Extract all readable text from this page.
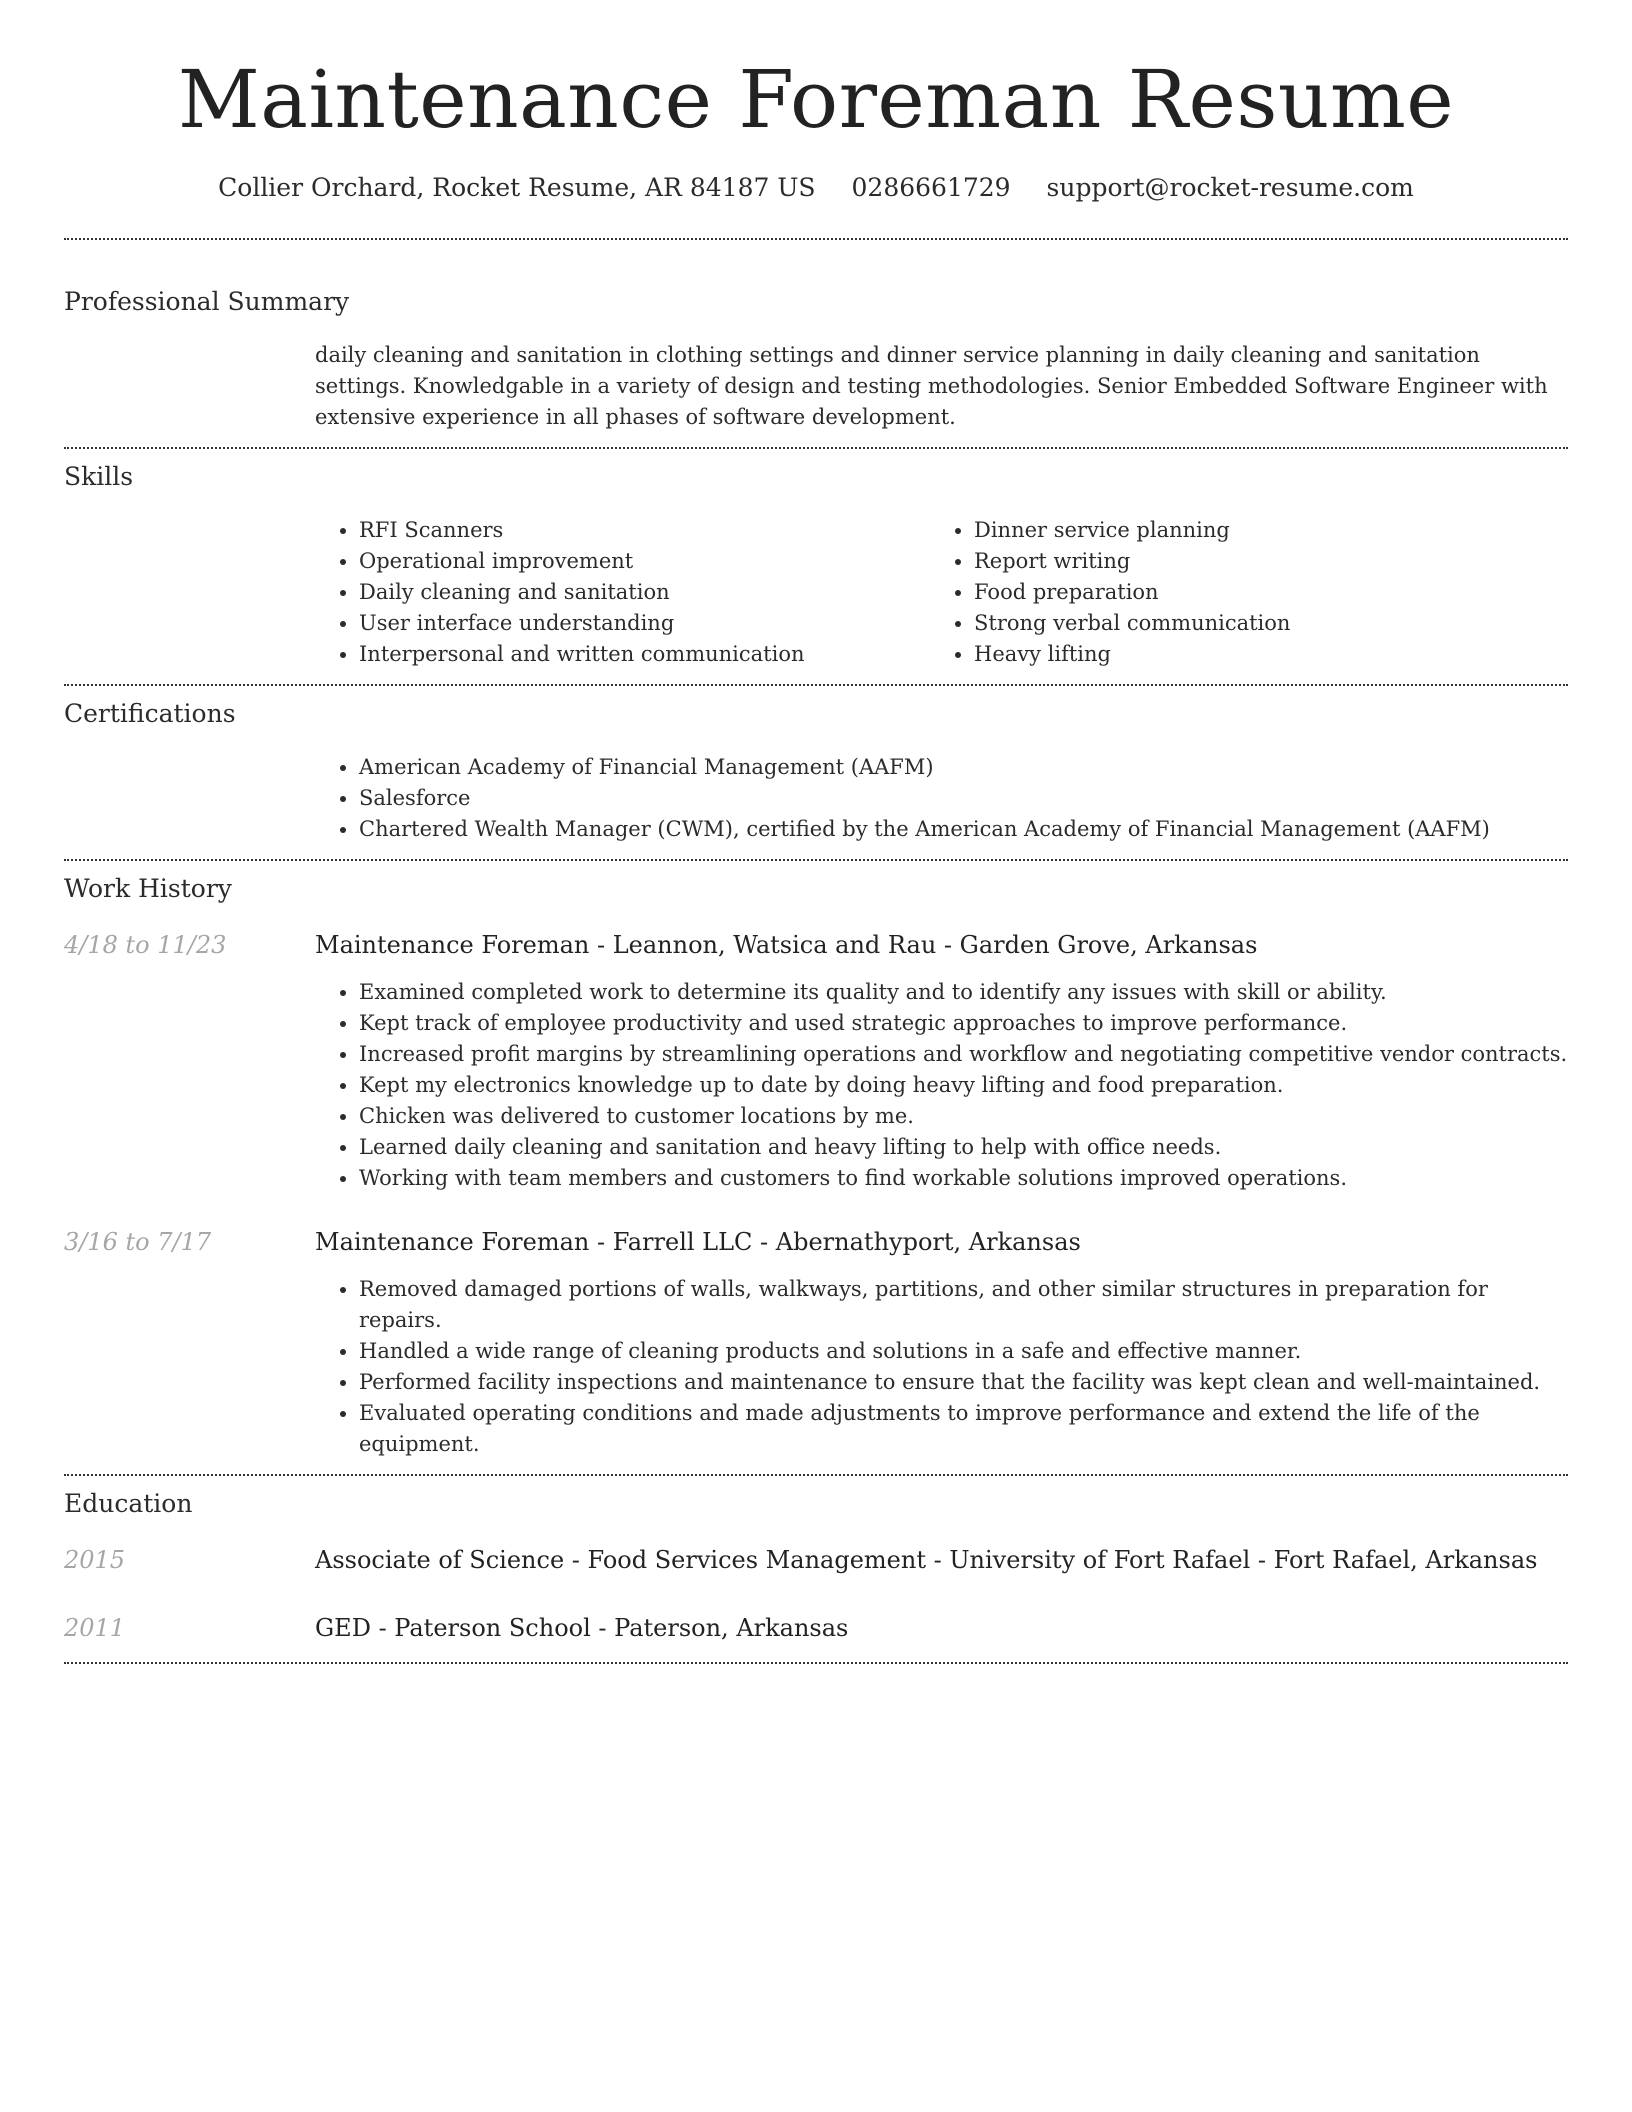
Maintenance Foreman Resume
Collier Orchard, Rocket Resume, AR 84187 US 0286661729 support@rocket-resume.com
Professional Summary
daily cleaning and sanitation in clothing settings and dinner service planning in daily cleaning and sanitation settings. Knowledgable in a variety of design and testing methodologies. Senior Embedded Software Engineer with extensive experience in all phases of software development.
Skills
• RFI Scanners
• Operational improvement
• Daily cleaning and sanitation
• User interface understanding
• Interpersonal and written communication
• Dinner service planning
• Report writing
• Food preparation
• Strong verbal communication
• Heavy lifting
Certifications
• American Academy of Financial Management (AAFM)
• Salesforce
• Chartered Wealth Manager (CWM), certified by the American Academy of Financial Management (AAFM)
Work History
4/18 to 11/23	Maintenance Foreman - Leannon, Watsica and Rau - Garden Grove, Arkansas
• Examined completed work to determine its quality and to identify any issues with skill or ability.
• Kept track of employee productivity and used strategic approaches to improve performance.
• Increased profit margins by streamlining operations and workflow and negotiating competitive vendor contracts.
• Kept my electronics knowledge up to date by doing heavy lifting and food preparation.
• Chicken was delivered to customer locations by me.
• Learned daily cleaning and sanitation and heavy lifting to help with office needs.
• Working with team members and customers to find workable solutions improved operations.
3/16 to 7/17	Maintenance Foreman - Farrell LLC - Abernathyport, Arkansas
• Removed damaged portions of walls, walkways, partitions, and other similar structures in preparation for repairs.
• Handled a wide range of cleaning products and solutions in a safe and effective manner.
• Performed facility inspections and maintenance to ensure that the facility was kept clean and well-maintained.
• Evaluated operating conditions and made adjustments to improve performance and extend the life of the equipment.
Education
2015	Associate of Science - Food Services Management - University of Fort Rafael - Fort Rafael, Arkansas
2011	GED - Paterson School - Paterson, Arkansas
